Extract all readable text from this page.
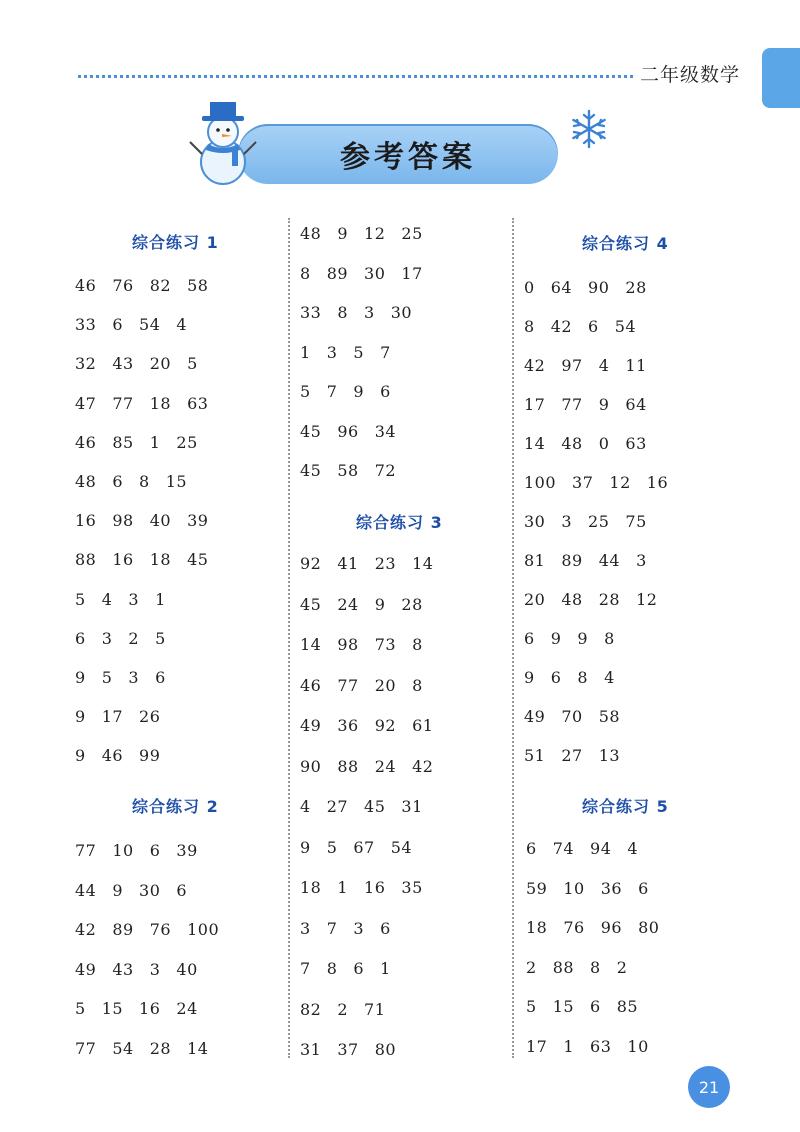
二年级数学
参考答案
综合练习 1
46 76 82 58
33 6 54 4
32 43 20 5
47 77 18 63
46 85 1 25
48 6 8 15
16 98 40 39
88 16 18 45
5 4 3 1
6 3 2 5
9 5 3 6
9 17 26
9 46 99
综合练习 2
77 10 6 39
44 9 30 6
42 89 76 100
49 43 3 40
5 15 16 24
77 54 28 14
48 9 12 25
8 89 30 17
33 8 3 30
1 3 5 7
5 7 9 6
45 96 34
45 58 72
综合练习 3
92 41 23 14
45 24 9 28
14 98 73 8
46 77 20 8
49 36 92 61
90 88 24 42
4 27 45 31
9 5 67 54
18 1 16 35
3 7 3 6
7 8 6 1
82 2 71
31 37 80
综合练习 4
0 64 90 28
8 42 6 54
42 97 4 11
17 77 9 64
14 48 0 63
100 37 12 16
30 3 25 75
81 89 44 3
20 48 28 12
6 9 9 8
9 6 8 4
49 70 58
51 27 13
综合练习 5
6 74 94 4
59 10 36 6
18 76 96 80
2 88 8 2
5 15 6 85
17 1 63 10
21
